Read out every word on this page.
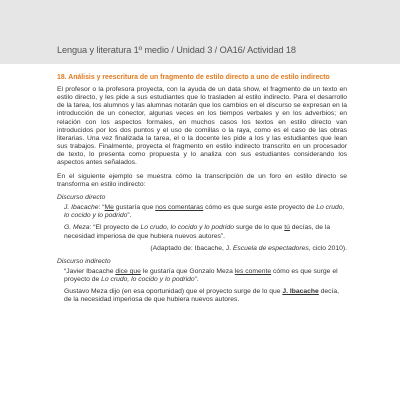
Lengua y literatura 1º medio / Unidad 3 / OA16/ Actividad 18
18. Análisis y reescritura de un fragmento de estilo directo a uno de estilo indirecto
El profesor o la profesora proyecta, con la ayuda de un data show, el fragmento de un texto en estilo directo, y les pide a sus estudiantes que lo trasladen al estilo indirecto. Para el desarrollo de la tarea, los alumnos y las alumnas notarán que los cambios en el discurso se expresan en la introducción de un conector, algunas veces en los tiempos verbales y en los adverbios; en relación con los aspectos formales, en muchos casos los textos en estilo directo van introducidos por los dos puntos y el uso de comillas o la raya, como es el caso de las obras literarias. Una vez finalizada la tarea, el o la docente les pide a los y las estudiantes que lean sus trabajos. Finalmente, proyecta el fragmento en estilo indirecto transcrito en un procesador de texto, lo presenta como propuesta y lo analiza con sus estudiantes considerando los aspectos antes señalados.
En el siguiente ejemplo se muestra cómo la transcripción de un foro en estilo directo se transforma en estilo indirecto:
Discurso directo
J. Ibacache: “Me gustaría que nos comentaras cómo es que surge este proyecto de Lo crudo, lo cocido y lo podrido”.
G. Meza: “El proyecto de Lo crudo, lo cocido y lo podrido surge de lo que tú decías, de la necesidad imperiosa de que hubiera nuevos autores”.
(Adaptado de: Ibacache, J. Escuela de espectadores, ciclo 2010).
Discurso indirecto
“Javier Ibacache dice que le gustaría que Gonzalo Meza les comente cómo es que surge el proyecto de Lo crudo, lo cocido y lo podrido”.
Gustavo Meza dijo (en esa oportunidad) que el proyecto surge de lo que J. Ibacache decía, de la necesidad imperiosa de que hubiera nuevos autores.
